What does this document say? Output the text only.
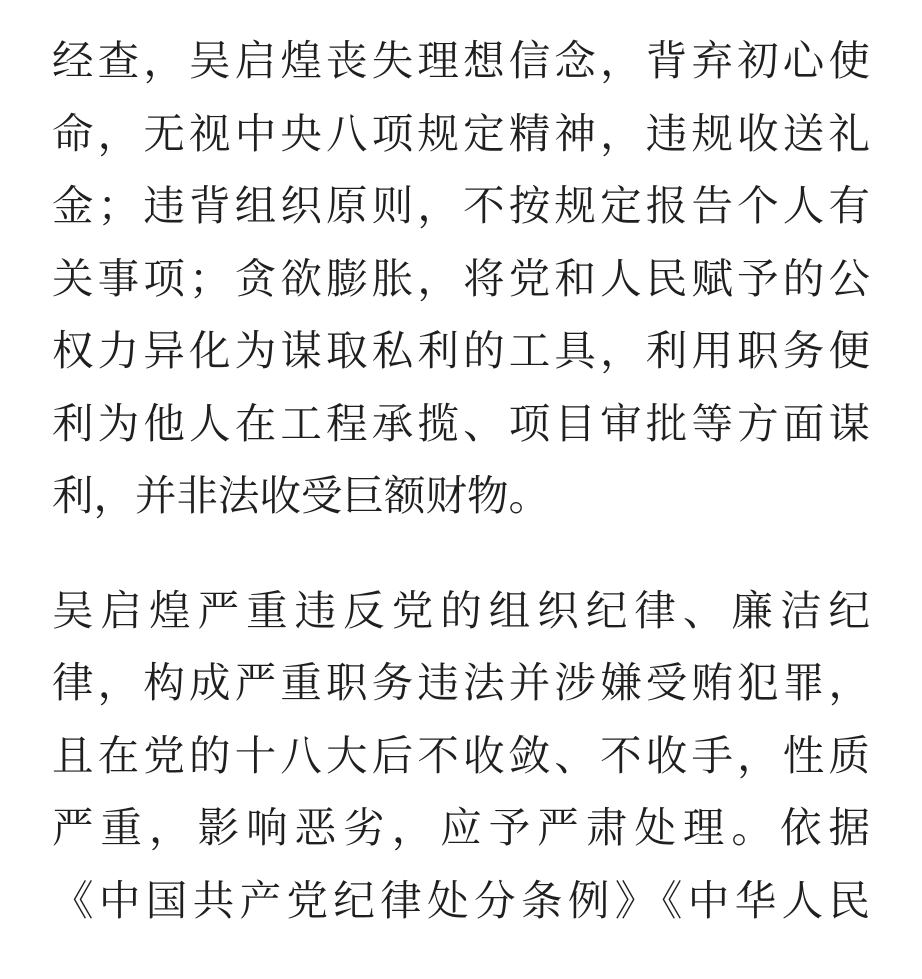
经查，吴启煌丧失理想信念，背弃初心使
命，无视中央八项规定精神，违规收送礼
金；违背组织原则，不按规定报告个人有
关事项；贪欲膨胀，将党和人民赋予的公
权力异化为谋取私利的工具，利用职务便
利为他人在工程承揽、项目审批等方面谋
利，并非法收受巨额财物。
吴启煌严重违反党的组织纪律、廉洁纪
律，构成严重职务违法并涉嫌受贿犯罪，
且在党的十八大后不收敛、不收手，性质
严重，影响恶劣，应予严肃处理。依据
《中国共产党纪律处分条例》《中华人民
